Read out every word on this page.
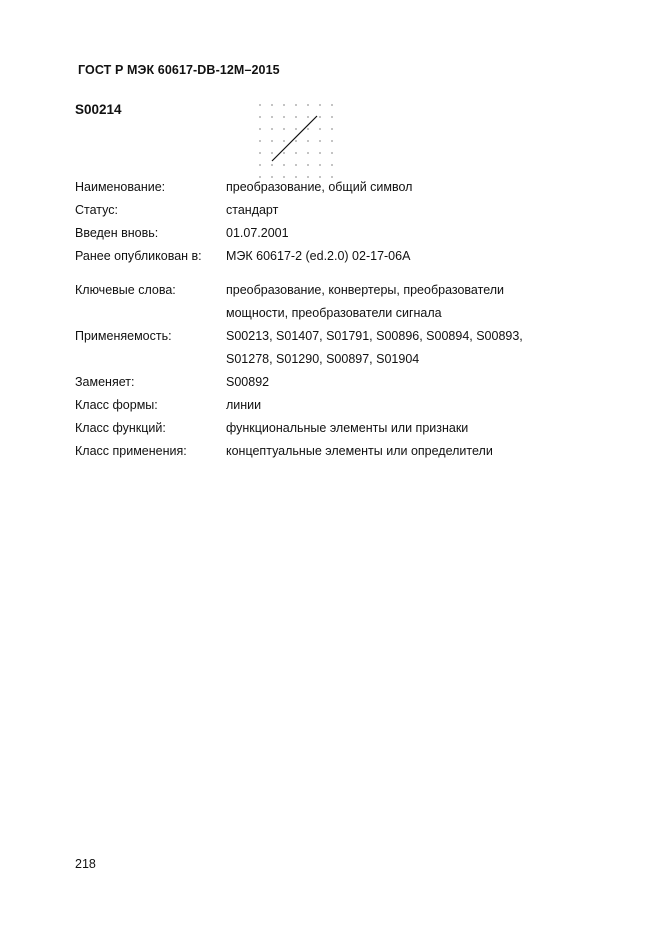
ГОСТ Р МЭК 60617-DB-12M–2015
S00214
Наименование:	преобразование, общий символ
Статус:	стандарт
Введен вновь:	01.07.2001
Ранее опубликован в: МЭК 60617-2 (ed.2.0) 02-17-06A
Ключевые слова:	преобразование, конвертеры, преобразователи
мощности, преобразователи сигнала
Применяемость:	S00213, S01407, S01791, S00896, S00894, S00893,
S01278, S01290, S00897, S01904
Заменяет:	S00892
Класс формы:	линии
Класс функций:	функциональные элементы или признаки
Класс применения:	концептуальные элементы или определители
218
